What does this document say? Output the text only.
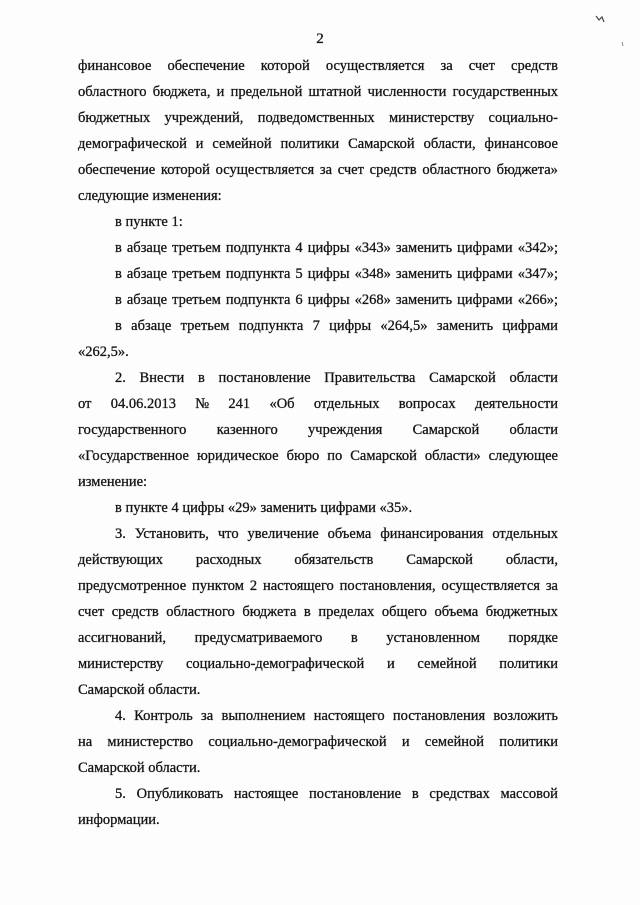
2
финансовое обеспечение которой осуществляется за счет средств
областного бюджета, и предельной штатной численности государственных
бюджетных учреждений, подведомственных министерству социально-
демографической и семейной политики Самарской области, финансовое
обеспечение которой осуществляется за счет средств областного бюджета»
следующие изменения:
в пункте 1:
в абзаце третьем подпункта 4 цифры «343» заменить цифрами «342»;
в абзаце третьем подпункта 5 цифры «348» заменить цифрами «347»;
в абзаце третьем подпункта 6 цифры «268» заменить цифрами «266»;
в абзаце третьем подпункта 7 цифры «264,5» заменить цифрами
«262,5».
2. Внести в постановление Правительства Самарской области
от 04.06.2013 № 241 «Об отдельных вопросах деятельности
государственного казенного учреждения Самарской области
«Государственное юридическое бюро по Самарской области» следующее
изменение:
в пункте 4 цифры «29» заменить цифрами «35».
3. Установить, что увеличение объема финансирования отдельных
действующих расходных обязательств Самарской области,
предусмотренное пунктом 2 настоящего постановления, осуществляется за
счет средств областного бюджета в пределах общего объема бюджетных
ассигнований, предусматриваемого в установленном порядке
министерству социально-демографической и семейной политики
Самарской области.
4. Контроль за выполнением настоящего постановления возложить
на министерство социально-демографической и семейной политики
Самарской области.
5. Опубликовать настоящее постановление в средствах массовой
информации.
